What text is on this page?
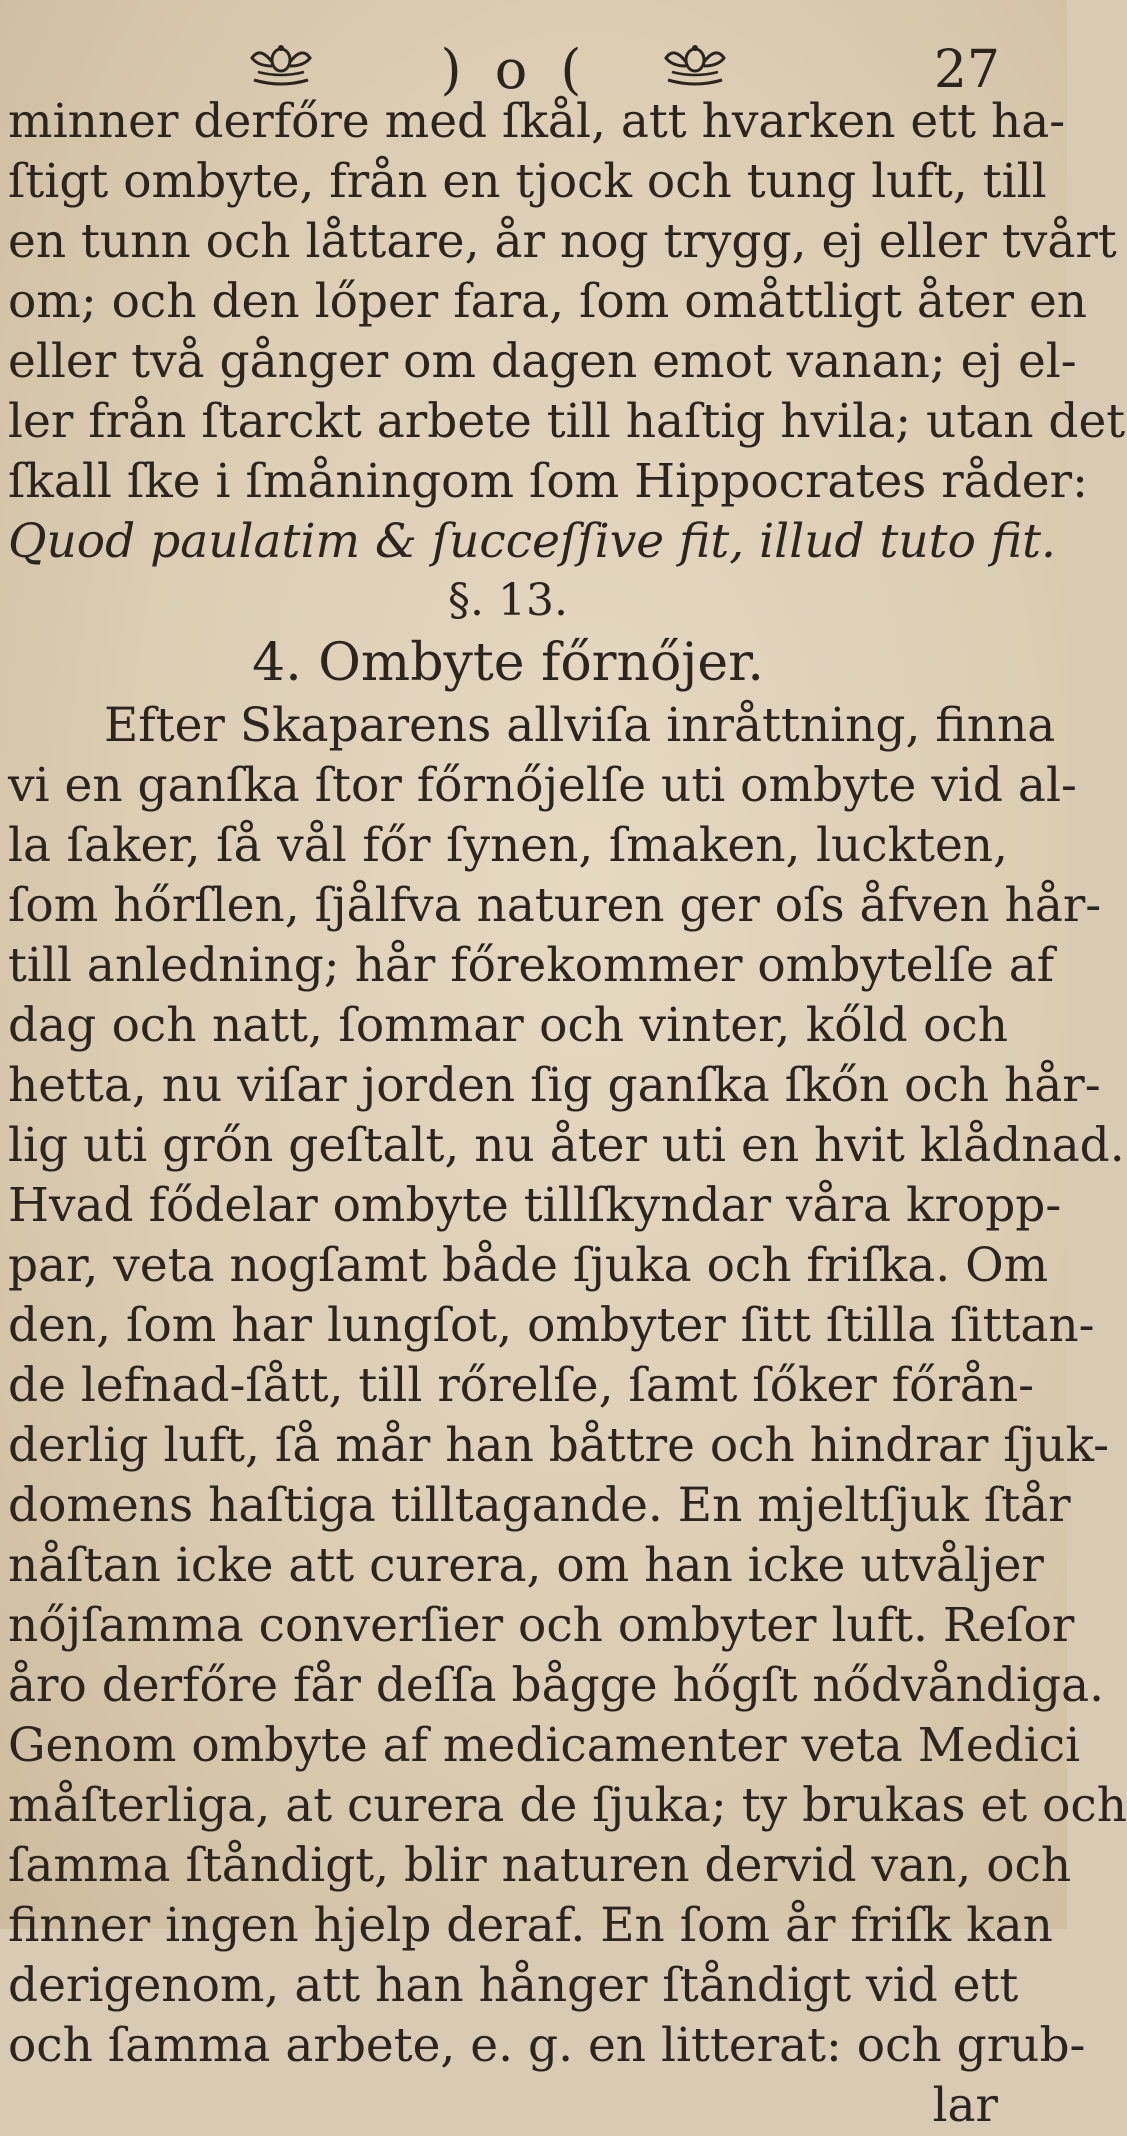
) o (	27
minner derfőre med ſkål, att hvarken ett ha-
ſtigt ombyte, från en tjock och tung luft, till
en tunn och låttare, år nog trygg, ej eller tvårt
om; och den lőper fara, ſom omåttligt åter en
eller två gånger om dagen emot vanan; ej el-
ler från ſtarckt arbete till haſtig hvila; utan det
ſkall ſke i ſmåningom ſom Hippocrates råder:
Quod paulatim & ſucceſſive fit, illud tuto fit.
§. 13.
4. Ombyte főrnőjer.
Efter Skaparens allviſa inråttning, finna
vi en ganſka ſtor főrnőjelſe uti ombyte vid al-
la ſaker, ſå vål főr ſynen, ſmaken, luckten,
ſom hőrſlen, ſjålfva naturen ger oſs åfven hår-
till anledning; hår főrekommer ombytelſe af
dag och natt, ſommar och vinter, kőld och
hetta, nu viſar jorden ſig ganſka ſkőn och hår-
lig uti grőn geſtalt, nu åter uti en hvit klådnad.
Hvad fődelar ombyte tillſkyndar våra kropp-
par, veta nogſamt både ſjuka och friſka. Om
den, ſom har lungſot, ombyter ſitt ſtilla ſittan-
de lefnad-ſått, till rőrelſe, ſamt ſőker főrån-
derlig luft, ſå mår han båttre och hindrar ſjuk-
domens haſtiga tilltagande. En mjeltſjuk ſtår
nåſtan icke att curera, om han icke utvåljer
nőjſamma converſier och ombyter luft. Reſor
åro derfőre får deſſa bågge hőgſt nődvåndiga.
Genom ombyte af medicamenter veta Medici
måſterliga, at curera de ſjuka; ty brukas et och
ſamma ſtåndigt, blir naturen dervid van, och
finner ingen hjelp deraf. En ſom år friſk kan
derigenom, att han hånger ſtåndigt vid ett
och ſamma arbete, e. g. en litterat: och grub-
lar
